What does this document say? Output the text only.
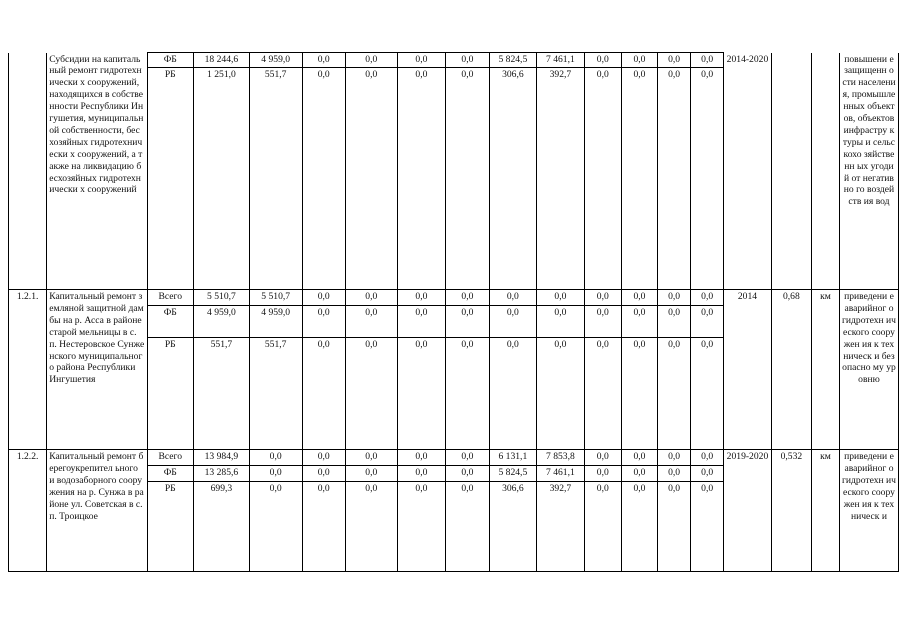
	Субсидии на капитальный ремонт гидротехнически х сооружений, находящихся в собственности Республики Ингушетия, муниципальной собственности, бесхозяйных гидротехнически х сооружений, а также на ликвидацию бесхозяйных гидротехнически х сооружений	ФБ	18 244,6	4 959,0	0,0	0,0	0,0	0,0	5 824,5	7 461,1	0,0	0,0	0,0	0,0	2014-2020			повышени е защищенн ости населения, промышле нных объектов, объектов инфрастру ктуры и сельскохо зяйственн ых угодий от негативно го воздейств ия вод
		РБ	1 251,0	551,7	0,0	0,0	0,0	0,0	306,6	392,7	0,0	0,0	0,0	0,0				
1.2.1.	Капитальный ремонт земляной защитной дамбы на р. Асса в районе старой мельницы в с. п. Нестеровское Сунженского муниципального района Республики Ингушетия	Всего	5 510,7	5 510,7	0,0	0,0	0,0	0,0	0,0	0,0	0,0	0,0	0,0	0,0	2014	0,68	км	приведени е аварийног о гидротехн ического сооружен ия к техническ и безопасно му уровню
		ФБ	4 959,0	4 959,0	0,0	0,0	0,0	0,0	0,0	0,0	0,0	0,0	0,0	0,0				
		РБ	551,7	551,7	0,0	0,0	0,0	0,0	0,0	0,0	0,0	0,0	0,0	0,0				
1.2.2.	Капитальный ремонт берегоукрепител ьного и водозаборного сооружения на р. Сунжа в районе ул. Советская в с.п. Троицкое	Всего	13 984,9	0,0	0,0	0,0	0,0	0,0	6 131,1	7 853,8	0,0	0,0	0,0	0,0	2019-2020	0,532	км	приведени е аварийног о гидротехн ического сооружен ия к техническ и
		ФБ	13 285,6	0,0	0,0	0,0	0,0	0,0	5 824,5	7 461,1	0,0	0,0	0,0	0,0				
		РБ	699,3	0,0	0,0	0,0	0,0	0,0	306,6	392,7	0,0	0,0	0,0	0,0				
